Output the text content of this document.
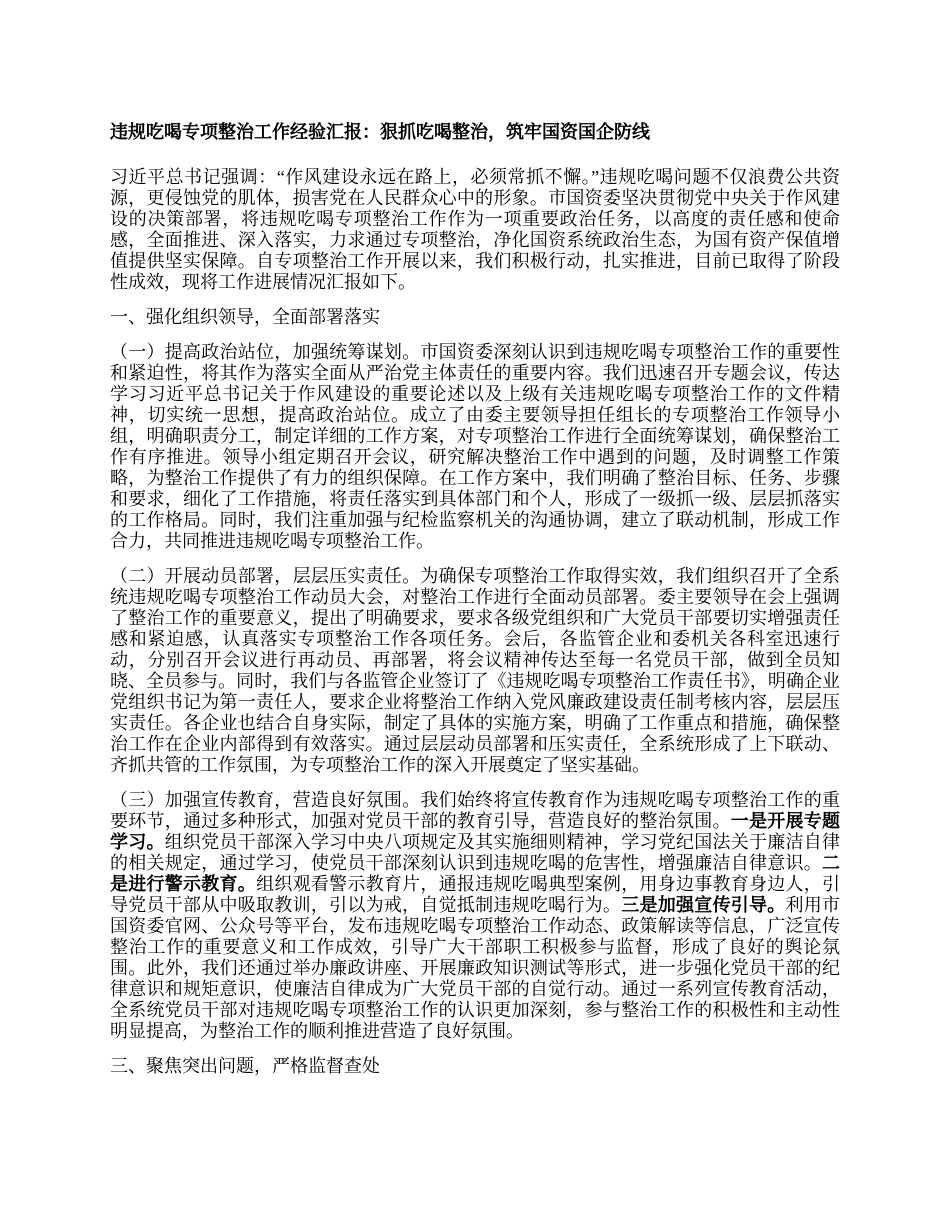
违规吃喝专项整治工作经验汇报：狠抓吃喝整治，筑牢国资国企防线

习近平总书记强调：“作风建设永远在路上，必须常抓不懈。”违规吃喝问题不仅浪费公共资源，更侵蚀党的肌体，损害党在人民群众心中的形象。市国资委坚决贯彻党中央关于作风建设的决策部署，将违规吃喝专项整治工作作为一项重要政治任务，以高度的责任感和使命感，全面推进、深入落实，力求通过专项整治，净化国资系统政治生态，为国有资产保值增值提供坚实保障。自专项整治工作开展以来，我们积极行动，扎实推进，目前已取得了阶段性成效，现将工作进展情况汇报如下。

一、强化组织领导，全面部署落实

（一）提高政治站位，加强统筹谋划。市国资委深刻认识到违规吃喝专项整治工作的重要性和紧迫性，将其作为落实全面从严治党主体责任的重要内容。我们迅速召开专题会议，传达学习习近平总书记关于作风建设的重要论述以及上级有关违规吃喝专项整治工作的文件精神，切实统一思想，提高政治站位。成立了由委主要领导担任组长的专项整治工作领导小组，明确职责分工，制定详细的工作方案，对专项整治工作进行全面统筹谋划，确保整治工作有序推进。领导小组定期召开会议，研究解决整治工作中遇到的问题，及时调整工作策略，为整治工作提供了有力的组织保障。在工作方案中，我们明确了整治目标、任务、步骤和要求，细化了工作措施，将责任落实到具体部门和个人，形成了一级抓一级、层层抓落实的工作格局。同时，我们注重加强与纪检监察机关的沟通协调，建立了联动机制，形成工作合力，共同推进违规吃喝专项整治工作。

（二）开展动员部署，层层压实责任。为确保专项整治工作取得实效，我们组织召开了全系统违规吃喝专项整治工作动员大会，对整治工作进行全面动员部署。委主要领导在会上强调了整治工作的重要意义，提出了明确要求，要求各级党组织和广大党员干部要切实增强责任感和紧迫感，认真落实专项整治工作各项任务。会后，各监管企业和委机关各科室迅速行动，分别召开会议进行再动员、再部署，将会议精神传达至每一名党员干部，做到全员知晓、全员参与。同时，我们与各监管企业签订了《违规吃喝专项整治工作责任书》，明确企业党组织书记为第一责任人，要求企业将整治工作纳入党风廉政建设责任制考核内容，层层压实责任。各企业也结合自身实际，制定了具体的实施方案，明确了工作重点和措施，确保整治工作在企业内部得到有效落实。通过层层动员部署和压实责任，全系统形成了上下联动、齐抓共管的工作氛围，为专项整治工作的深入开展奠定了坚实基础。

（三）加强宣传教育，营造良好氛围。我们始终将宣传教育作为违规吃喝专项整治工作的重要环节，通过多种形式，加强对党员干部的教育引导，营造良好的整治氛围。一是开展专题学习。组织党员干部深入学习中央八项规定及其实施细则精神，学习党纪国法关于廉洁自律的相关规定，通过学习，使党员干部深刻认识到违规吃喝的危害性，增强廉洁自律意识。二是进行警示教育。组织观看警示教育片，通报违规吃喝典型案例，用身边事教育身边人，引导党员干部从中吸取教训，引以为戒，自觉抵制违规吃喝行为。三是加强宣传引导。利用市国资委官网、公众号等平台，发布违规吃喝专项整治工作动态、政策解读等信息，广泛宣传整治工作的重要意义和工作成效，引导广大干部职工积极参与监督，形成了良好的舆论氛围。此外，我们还通过举办廉政讲座、开展廉政知识测试等形式，进一步强化党员干部的纪律意识和规矩意识，使廉洁自律成为广大党员干部的自觉行动。通过一系列宣传教育活动，全系统党员干部对违规吃喝专项整治工作的认识更加深刻，参与整治工作的积极性和主动性明显提高，为整治工作的顺利推进营造了良好氛围。

三、聚焦突出问题，严格监督查处
